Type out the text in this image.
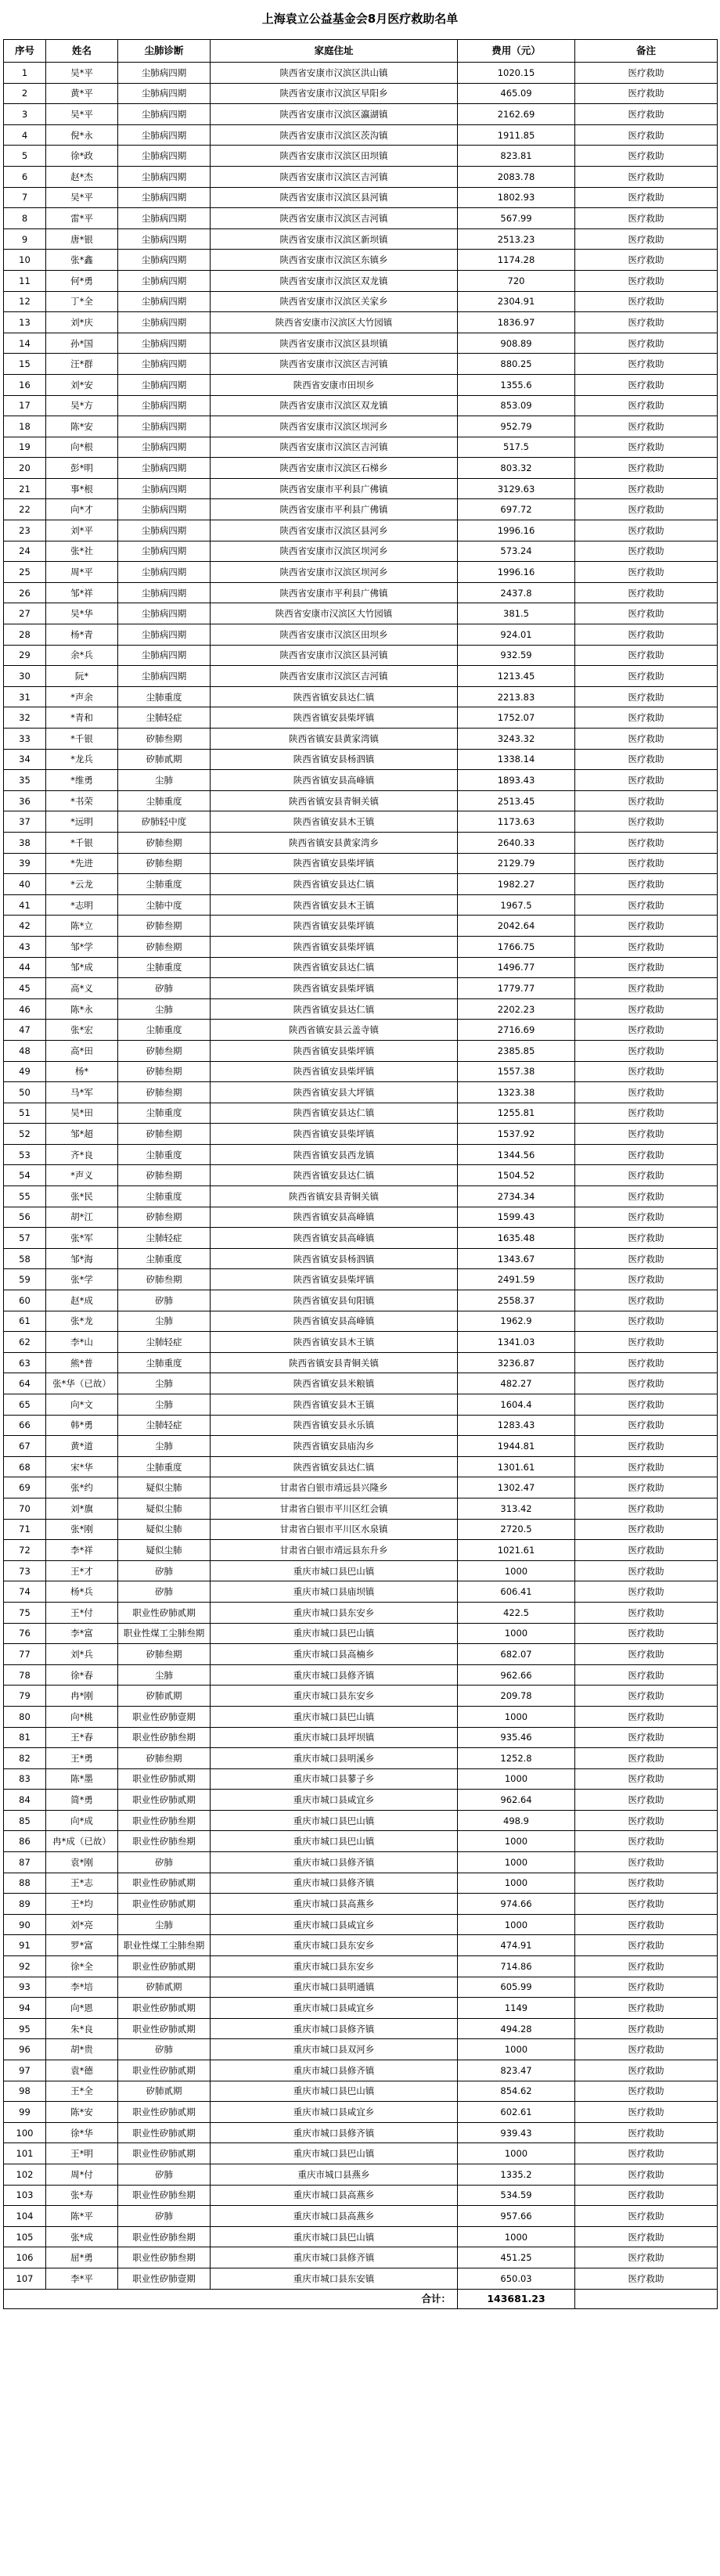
上海袁立公益基金会8月医疗救助名单
序号	姓名	尘肺诊断	家庭住址	费用（元）	备注
1	吴*平	尘肺病四期	陕西省安康市汉滨区洪山镇	1020.15	医疗救助
2	黄*平	尘肺病四期	陕西省安康市汉滨区早阳乡	465.09	医疗救助
3	吴*平	尘肺病四期	陕西省安康市汉滨区瀛湖镇	2162.69	医疗救助
4	倪*永	尘肺病四期	陕西省安康市汉滨区茨沟镇	1911.85	医疗救助
5	徐*政	尘肺病四期	陕西省安康市汉滨区田坝镇	823.81	医疗救助
6	赵*杰	尘肺病四期	陕西省安康市汉滨区吉河镇	2083.78	医疗救助
7	吴*平	尘肺病四期	陕西省安康市汉滨区县河镇	1802.93	医疗救助
8	雷*平	尘肺病四期	陕西省安康市汉滨区吉河镇	567.99	医疗救助
9	唐*银	尘肺病四期	陕西省安康市汉滨区新坝镇	2513.23	医疗救助
10	张*鑫	尘肺病四期	陕西省安康市汉滨区东镇乡	1174.28	医疗救助
11	何*勇	尘肺病四期	陕西省安康市汉滨区双龙镇	720	医疗救助
12	丁*全	尘肺病四期	陕西省安康市汉滨区关家乡	2304.91	医疗救助
13	刘*庆	尘肺病四期	陕西省安康市汉滨区大竹园镇	1836.97	医疗救助
14	孙*国	尘肺病四期	陕西省安康市汉滨区县坝镇	908.89	医疗救助
15	汪*群	尘肺病四期	陕西省安康市汉滨区吉河镇	880.25	医疗救助
16	刘*安	尘肺病四期	陕西省安康市田坝乡	1355.6	医疗救助
17	吴*方	尘肺病四期	陕西省安康市汉滨区双龙镇	853.09	医疗救助
18	陈*安	尘肺病四期	陕西省安康市汉滨区坝河乡	952.79	医疗救助
19	向*根	尘肺病四期	陕西省安康市汉滨区吉河镇	517.5	医疗救助
20	彭*明	尘肺病四期	陕西省安康市汉滨区石梯乡	803.32	医疗救助
21	事*根	尘肺病四期	陕西省安康市平利县广佛镇	3129.63	医疗救助
22	向*才	尘肺病四期	陕西省安康市平利县广佛镇	697.72	医疗救助
23	刘*平	尘肺病四期	陕西省安康市汉滨区县河乡	1996.16	医疗救助
24	张*社	尘肺病四期	陕西省安康市汉滨区坝河乡	573.24	医疗救助
25	周*平	尘肺病四期	陕西省安康市汉滨区坝河乡	1996.16	医疗救助
26	邹*祥	尘肺病四期	陕西省安康市平利县广佛镇	2437.8	医疗救助
27	吴*华	尘肺病四期	陕西省安康市汉滨区大竹园镇	381.5	医疗救助
28	杨*青	尘肺病四期	陕西省安康市汉滨区田坝乡	924.01	医疗救助
29	余*兵	尘肺病四期	陕西省安康市汉滨区县河镇	932.59	医疗救助
30	阮*	尘肺病四期	陕西省安康市汉滨区吉河镇	1213.45	医疗救助
31	*声余	尘肺重度	陕西省镇安县达仁镇	2213.83	医疗救助
32	*青和	尘肺轻症	陕西省镇安县柴坪镇	1752.07	医疗救助
33	*千银	矽肺叁期	陕西省镇安县黄家湾镇	3243.32	医疗救助
34	*龙兵	矽肺贰期	陕西省镇安县杨泗镇	1338.14	医疗救助
35	*维勇	尘肺	陕西省镇安县高峰镇	1893.43	医疗救助
36	*书荣	尘肺重度	陕西省镇安县青铜关镇	2513.45	医疗救助
37	*远明	矽肺轻中度	陕西省镇安县木王镇	1173.63	医疗救助
38	*千银	矽肺叁期	陕西省镇安县黄家湾乡	2640.33	医疗救助
39	*先进	矽肺叁期	陕西省镇安县柴坪镇	2129.79	医疗救助
40	*云龙	尘肺重度	陕西省镇安县达仁镇	1982.27	医疗救助
41	*志明	尘肺中度	陕西省镇安县木王镇	1967.5	医疗救助
42	陈*立	矽肺叁期	陕西省镇安县柴坪镇	2042.64	医疗救助
43	邹*学	矽肺叁期	陕西省镇安县柴坪镇	1766.75	医疗救助
44	邹*成	尘肺重度	陕西省镇安县达仁镇	1496.77	医疗救助
45	高*义	矽肺	陕西省镇安县柴坪镇	1779.77	医疗救助
46	陈*永	尘肺	陕西省镇安县达仁镇	2202.23	医疗救助
47	张*宏	尘肺重度	陕西省镇安县云盖寺镇	2716.69	医疗救助
48	高*田	矽肺叁期	陕西省镇安县柴坪镇	2385.85	医疗救助
49	杨*	矽肺叁期	陕西省镇安县柴坪镇	1557.38	医疗救助
50	马*军	矽肺叁期	陕西省镇安县大坪镇	1323.38	医疗救助
51	吴*田	尘肺重度	陕西省镇安县达仁镇	1255.81	医疗救助
52	邹*超	矽肺叁期	陕西省镇安县柴坪镇	1537.92	医疗救助
53	齐*良	尘肺重度	陕西省镇安县西龙镇	1344.56	医疗救助
54	*声义	矽肺叁期	陕西省镇安县达仁镇	1504.52	医疗救助
55	张*民	尘肺重度	陕西省镇安县青铜关镇	2734.34	医疗救助
56	胡*江	矽肺叁期	陕西省镇安县高峰镇	1599.43	医疗救助
57	张*军	尘肺轻症	陕西省镇安县高峰镇	1635.48	医疗救助
58	邹*海	尘肺重度	陕西省镇安县杨泗镇	1343.67	医疗救助
59	张*学	矽肺叁期	陕西省镇安县柴坪镇	2491.59	医疗救助
60	赵*成	矽肺	陕西省镇安县旬阳镇	2558.37	医疗救助
61	张*龙	尘肺	陕西省镇安县高峰镇	1962.9	医疗救助
62	李*山	尘肺轻症	陕西省镇安县木王镇	1341.03	医疗救助
63	熊*普	尘肺重度	陕西省镇安县青铜关镇	3236.87	医疗救助
64	张*华（已故）	尘肺	陕西省镇安县米粮镇	482.27	医疗救助
65	向*文	尘肺	陕西省镇安县木王镇	1604.4	医疗救助
66	韩*勇	尘肺轻症	陕西省镇安县永乐镇	1283.43	医疗救助
67	黄*道	尘肺	陕西省镇安县庙沟乡	1944.81	医疗救助
68	宋*华	尘肺重度	陕西省镇安县达仁镇	1301.61	医疗救助
69	张*约	疑似尘肺	甘肃省白银市靖远县兴隆乡	1302.47	医疗救助
70	刘*旗	疑似尘肺	甘肃省白银市平川区红会镇	313.42	医疗救助
71	张*刚	疑似尘肺	甘肃省白银市平川区水泉镇	2720.5	医疗救助
72	李*祥	疑似尘肺	甘肃省白银市靖远县东升乡	1021.61	医疗救助
73	王*才	矽肺	重庆市城口县巴山镇	1000	医疗救助
74	杨*兵	矽肺	重庆市城口县庙坝镇	606.41	医疗救助
75	王*付	职业性矽肺贰期	重庆市城口县东安乡	422.5	医疗救助
76	李*富	职业性煤工尘肺叁期	重庆市城口县巴山镇	1000	医疗救助
77	刘*兵	矽肺叁期	重庆市城口县高楠乡	682.07	医疗救助
78	徐*春	尘肺	重庆市城口县修齐镇	962.66	医疗救助
79	冉*刚	矽肺贰期	重庆市城口县东安乡	209.78	医疗救助
80	向*桃	职业性矽肺壹期	重庆市城口县巴山镇	1000	医疗救助
81	王*春	职业性矽肺叁期	重庆市城口县坪坝镇	935.46	医疗救助
82	王*勇	矽肺叁期	重庆市城口县明溪乡	1252.8	医疗救助
83	陈*墨	职业性矽肺贰期	重庆市城口县蓼子乡	1000	医疗救助
84	简*勇	职业性矽肺贰期	重庆市城口县咸宜乡	962.64	医疗救助
85	向*成	职业性矽肺叁期	重庆市城口县巴山镇	498.9	医疗救助
86	冉*成（已故）	职业性矽肺叁期	重庆市城口县巴山镇	1000	医疗救助
87	袁*刚	矽肺	重庆市城口县修齐镇	1000	医疗救助
88	王*志	职业性矽肺贰期	重庆市城口县修齐镇	1000	医疗救助
89	王*均	职业性矽肺贰期	重庆市城口县高燕乡	974.66	医疗救助
90	刘*亮	尘肺	重庆市城口县咸宜乡	1000	医疗救助
91	罗*富	职业性煤工尘肺叁期	重庆市城口县东安乡	474.91	医疗救助
92	徐*全	职业性矽肺贰期	重庆市城口县东安乡	714.86	医疗救助
93	李*培	矽肺贰期	重庆市城口县明通镇	605.99	医疗救助
94	向*恩	职业性矽肺贰期	重庆市城口县咸宜乡	1149	医疗救助
95	朱*良	职业性矽肺贰期	重庆市城口县修齐镇	494.28	医疗救助
96	胡*贵	矽肺	重庆市城口县双河乡	1000	医疗救助
97	袁*德	职业性矽肺贰期	重庆市城口县修齐镇	823.47	医疗救助
98	王*全	矽肺贰期	重庆市城口县巴山镇	854.62	医疗救助
99	陈*安	职业性矽肺贰期	重庆市城口县咸宜乡	602.61	医疗救助
100	徐*华	职业性矽肺贰期	重庆市城口县修齐镇	939.43	医疗救助
101	王*明	职业性矽肺贰期	重庆市城口县巴山镇	1000	医疗救助
102	周*付	矽肺	重庆市城口县燕乡	1335.2	医疗救助
103	张*寿	职业性矽肺叁期	重庆市城口县高燕乡	534.59	医疗救助
104	陈*平	矽肺	重庆市城口县高燕乡	957.66	医疗救助
105	张*成	职业性矽肺叁期	重庆市城口县巴山镇	1000	医疗救助
106	屈*勇	职业性矽肺叁期	重庆市城口县修齐镇	451.25	医疗救助
107	李*平	职业性矽肺壹期	重庆市城口县东安镇	650.03	医疗救助
合计：				143681.23	
